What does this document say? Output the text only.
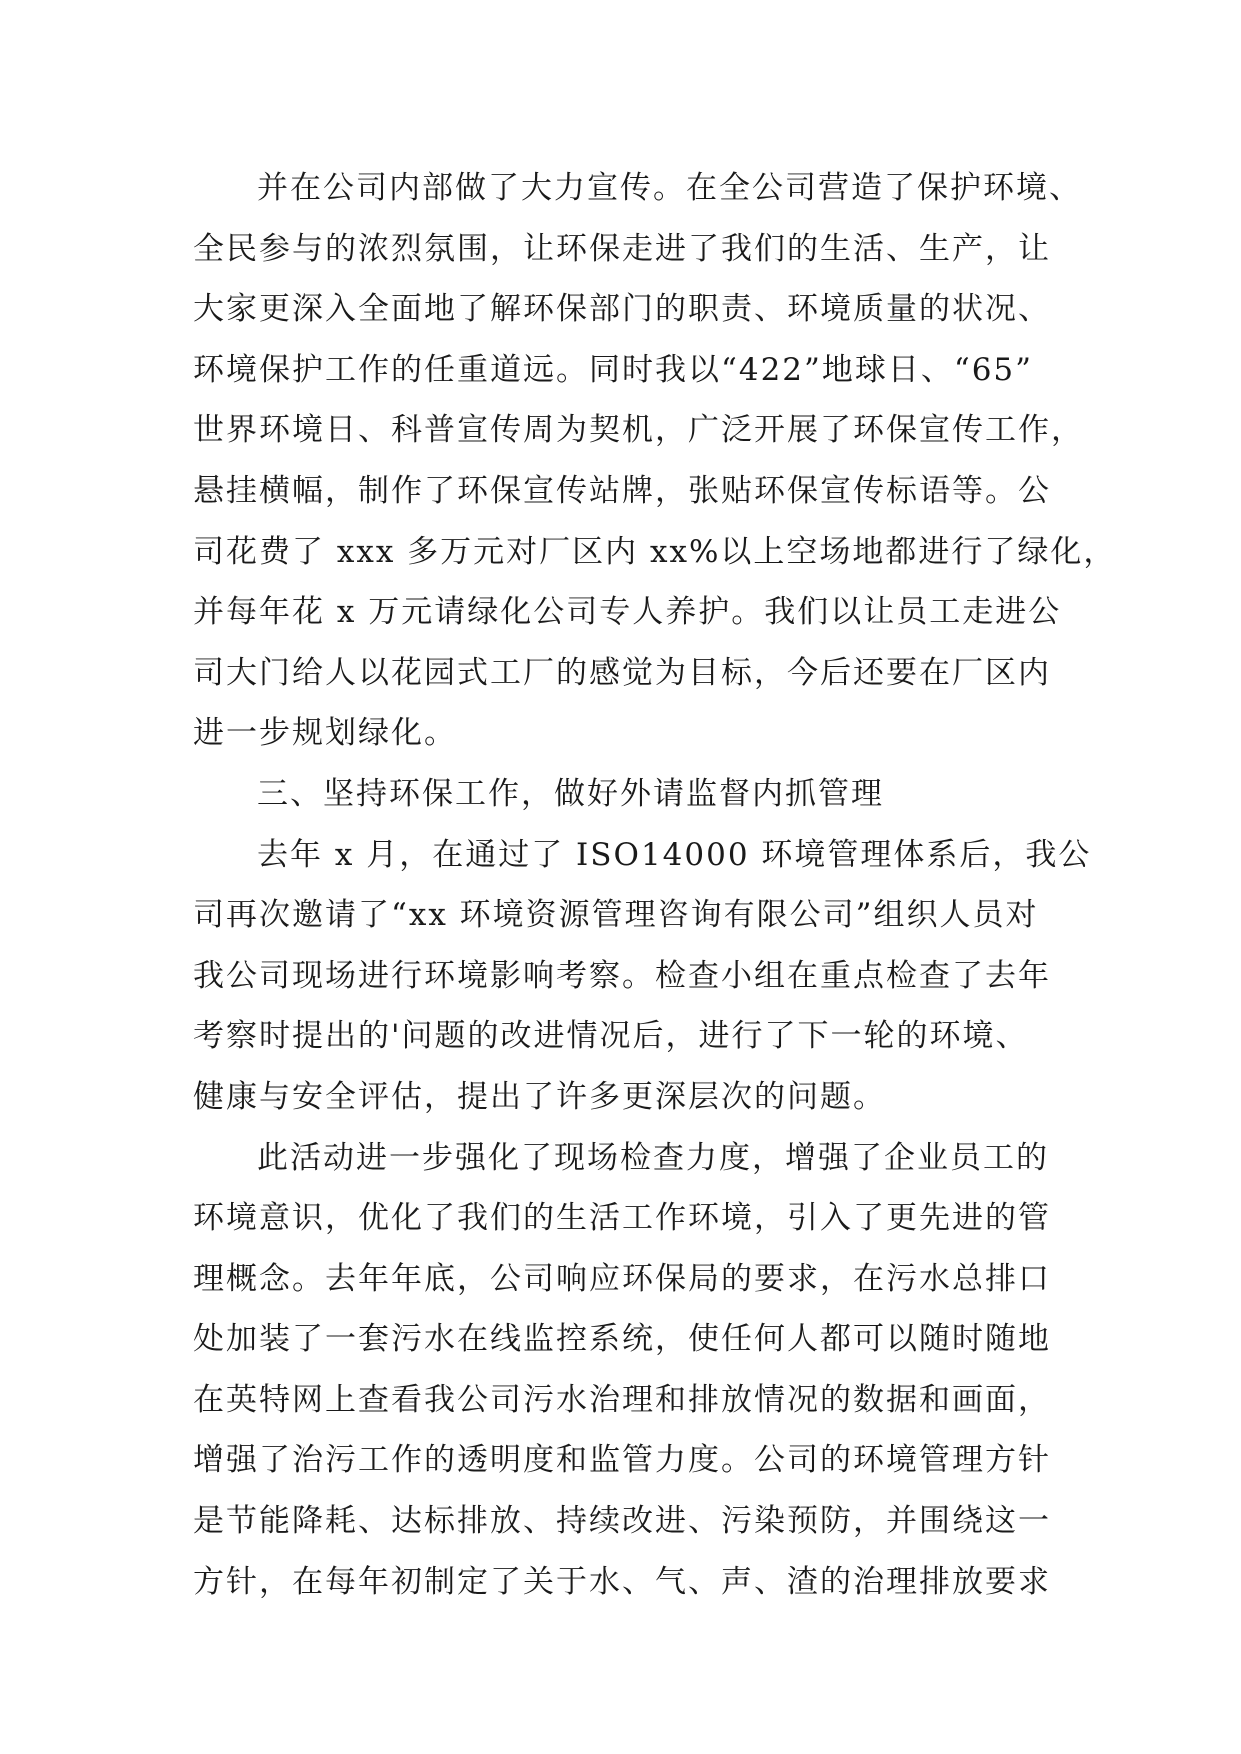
并在公司内部做了大力宣传。在全公司营造了保护环境、
全民参与的浓烈氛围，让环保走进了我们的生活、生产，让
大家更深入全面地了解环保部门的职责、环境质量的状况、
环境保护工作的任重道远。同时我以“422”地球日、“65”
世界环境日、科普宣传周为契机，广泛开展了环保宣传工作，
悬挂横幅，制作了环保宣传站牌，张贴环保宣传标语等。公
司花费了 xxx 多万元对厂区内 xx%以上空场地都进行了绿化，
并每年花 x 万元请绿化公司专人养护。我们以让员工走进公
司大门给人以花园式工厂的感觉为目标，今后还要在厂区内
进一步规划绿化。
三、坚持环保工作，做好外请监督内抓管理
去年 x 月，在通过了 ISO14000 环境管理体系后，我公
司再次邀请了“xx 环境资源管理咨询有限公司”组织人员对
我公司现场进行环境影响考察。检查小组在重点检查了去年
考察时提出的'问题的改进情况后，进行了下一轮的环境、
健康与安全评估，提出了许多更深层次的问题。
此活动进一步强化了现场检查力度，增强了企业员工的
环境意识，优化了我们的生活工作环境，引入了更先进的管
理概念。去年年底，公司响应环保局的要求，在污水总排口
处加装了一套污水在线监控系统，使任何人都可以随时随地
在英特网上查看我公司污水治理和排放情况的数据和画面，
增强了治污工作的透明度和监管力度。公司的环境管理方针
是节能降耗、达标排放、持续改进、污染预防，并围绕这一
方针，在每年初制定了关于水、气、声、渣的治理排放要求
